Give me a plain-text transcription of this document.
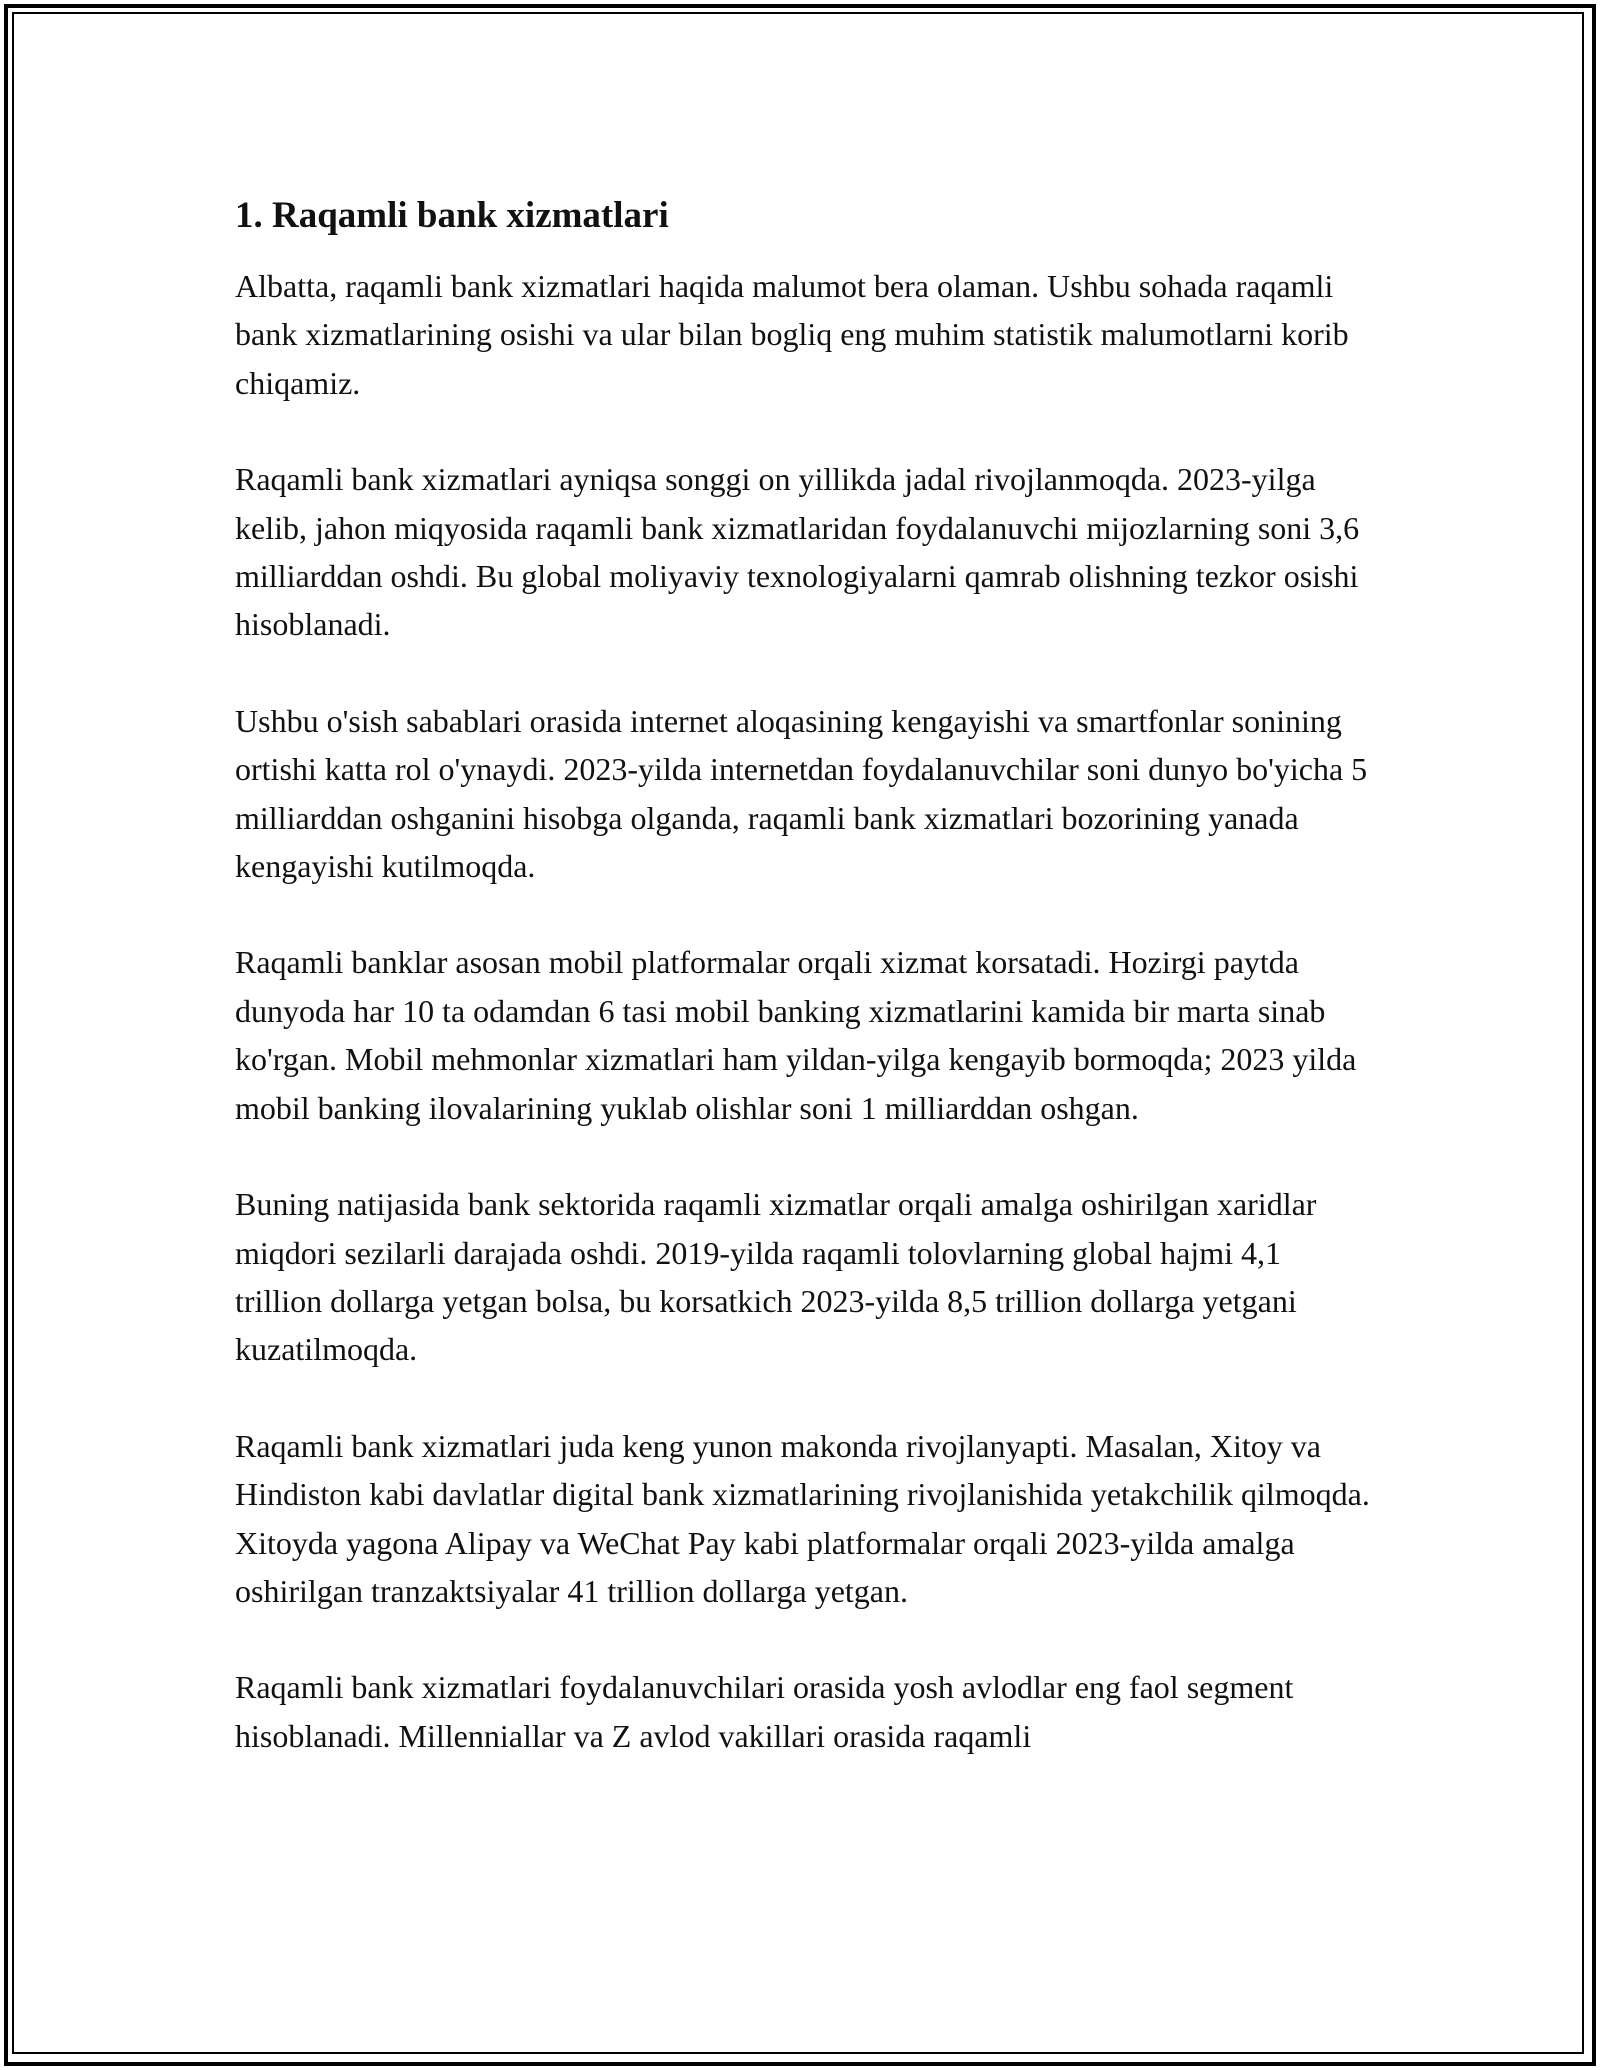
1. Raqamli bank xizmatlari

Albatta, raqamli bank xizmatlari haqida malumot bera olaman. Ushbu sohada raqamli bank xizmatlarining osishi va ular bilan bogliq eng muhim statistik malumotlarni korib chiqamiz.

Raqamli bank xizmatlari ayniqsa songgi on yillikda jadal rivojlanmoqda. 2023-yilga kelib, jahon miqyosida raqamli bank xizmatlaridan foydalanuvchi mijozlarning soni 3,6 milliarddan oshdi. Bu global moliyaviy texnologiyalarni qamrab olishning tezkor osishi hisoblanadi.

Ushbu o'sish sabablari orasida internet aloqasining kengayishi va smartfonlar sonining ortishi katta rol o'ynaydi. 2023-yilda internetdan foydalanuvchilar soni dunyo bo'yicha 5 milliarddan oshganini hisobga olganda, raqamli bank xizmatlari bozorining yanada kengayishi kutilmoqda.

Raqamli banklar asosan mobil platformalar orqali xizmat korsatadi. Hozirgi paytda dunyoda har 10 ta odamdan 6 tasi mobil banking xizmatlarini kamida bir marta sinab ko'rgan. Mobil mehmonlar xizmatlari ham yildan-yilga kengayib bormoqda; 2023 yilda mobil banking ilovalarining yuklab olishlar soni 1 milliarddan oshgan.

Buning natijasida bank sektorida raqamli xizmatlar orqali amalga oshirilgan xaridlar miqdori sezilarli darajada oshdi. 2019-yilda raqamli tolovlarning global hajmi 4,1 trillion dollarga yetgan bolsa, bu korsatkich 2023-yilda 8,5 trillion dollarga yetgani kuzatilmoqda.

Raqamli bank xizmatlari juda keng yunon makonda rivojlanyapti. Masalan, Xitoy va Hindiston kabi davlatlar digital bank xizmatlarining rivojlanishida yetakchilik qilmoqda. Xitoyda yagona Alipay va WeChat Pay kabi platformalar orqali 2023-yilda amalga oshirilgan tranzaktsiyalar 41 trillion dollarga yetgan.

Raqamli bank xizmatlari foydalanuvchilari orasida yosh avlodlar eng faol segment hisoblanadi. Millenniallar va Z avlod vakillari orasida raqamli
